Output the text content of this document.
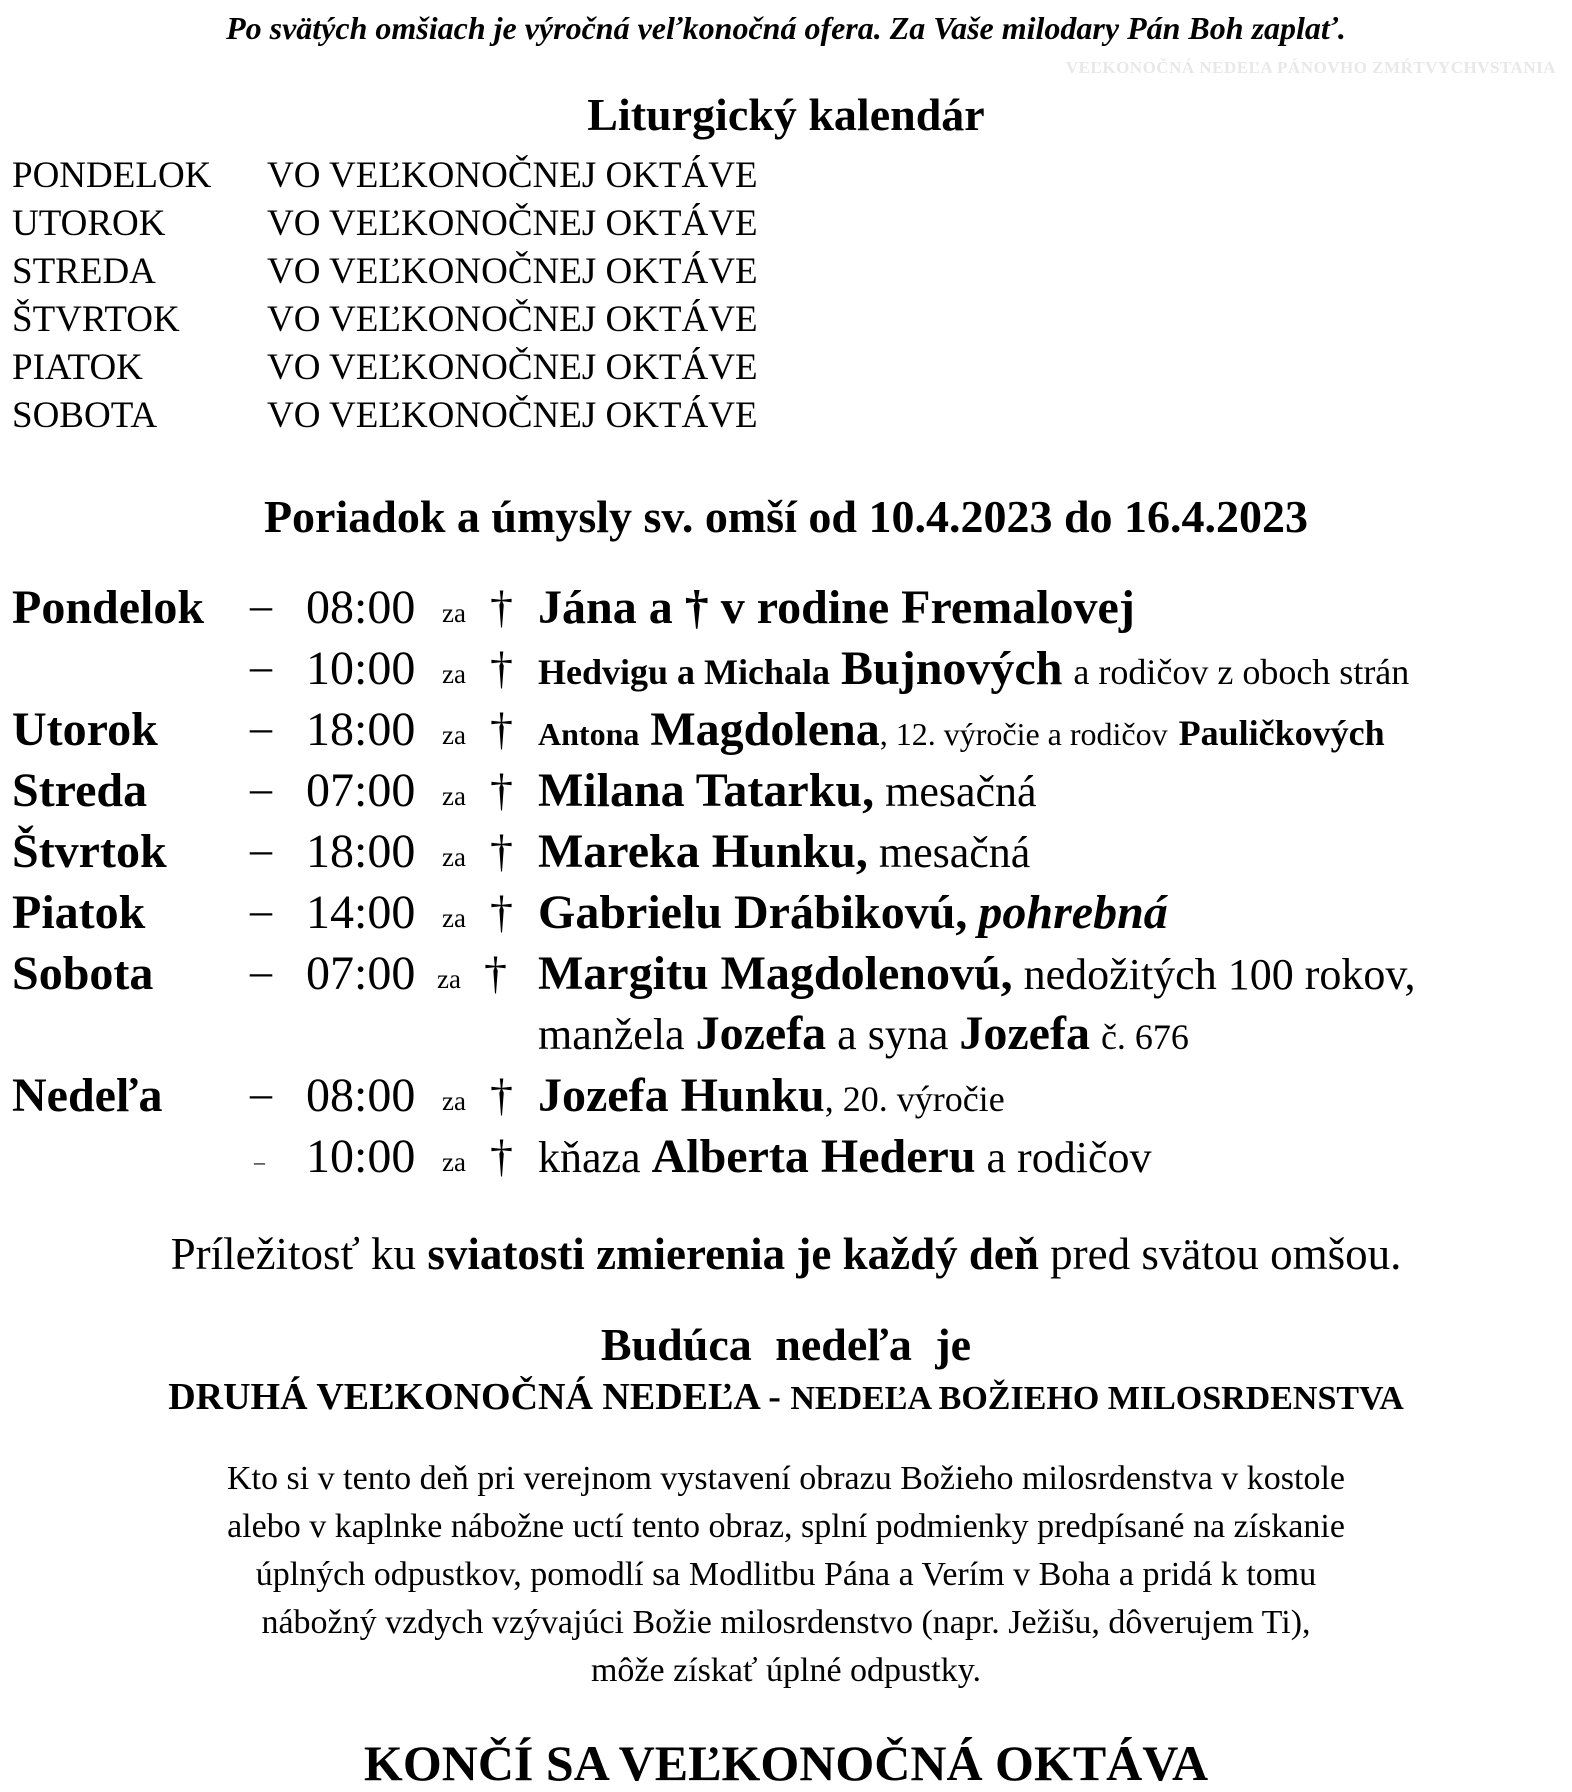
Po svätých omšiach je výročná veľkonočná ofera. Za Vaše milodary Pán Boh zaplať.
VEĽKONOČNÁ NEDEĽA PÁNOVHO ZMŔTVYCHVSTANIA
Liturgický kalendár
PONDELOK VO VEĽKONOČNEJ OKTÁVE
UTOROK	VO VEĽKONOČNEJ OKTÁVE
STREDA	VO VEĽKONOČNEJ OKTÁVE
ŠTVRTOK VO VEĽKONOČNEJ OKTÁVE
PIATOK	VO VEĽKONOČNEJ OKTÁVE
SOBOTA	VO VEĽKONOČNEJ OKTÁVE
Poriadok a úmysly sv. omší od 10.4.2023 do 16.4.2023
Pondelok – 08:00 za † Jána a † v rodine Fremalovej
– 10:00 za † Hedvigu a Michala Bujnových a rodičov z oboch strán
Utorok – 18:00 za † Antona Magdolena, 12. výročie a rodičov Pauličkových
Streda – 07:00 za † Milana Tatarku, mesačná
Štvrtok – 18:00 za † Mareka Hunku, mesačná
Piatok – 14:00 za † Gabrielu Drábikovú, pohrebná
Sobota – 07:00 za † Margitu Magdolenovú, nedožitých 100 rokov,
manžela Jozefa a syna Jozefa č. 676
Nedeľa – 08:00 za † Jozefa Hunku, 20. výročie
– 10:00 za † kňaza Alberta Hederu a rodičov
Príležitosť ku sviatosti zmierenia je každý deň pred svätou omšou.
Budúca nedeľa je
DRUHÁ VEĽKONOČNÁ NEDEĽA - NEDEĽA BOŽIEHO MILOSRDENSTVA
Kto si v tento deň pri verejnom vystavení obrazu Božieho milosrdenstva v kostole
alebo v kaplnke nábožne uctí tento obraz, splní podmienky predpísané na získanie
úplných odpustkov, pomodlí sa Modlitbu Pána a Verím v Boha a pridá k tomu
nábožný vzdych vzývajúci Božie milosrdenstvo (napr. Ježišu, dôverujem Ti),
môže získať úplné odpustky.
KONČÍ SA VEĽKONOČNÁ OKTÁVA
